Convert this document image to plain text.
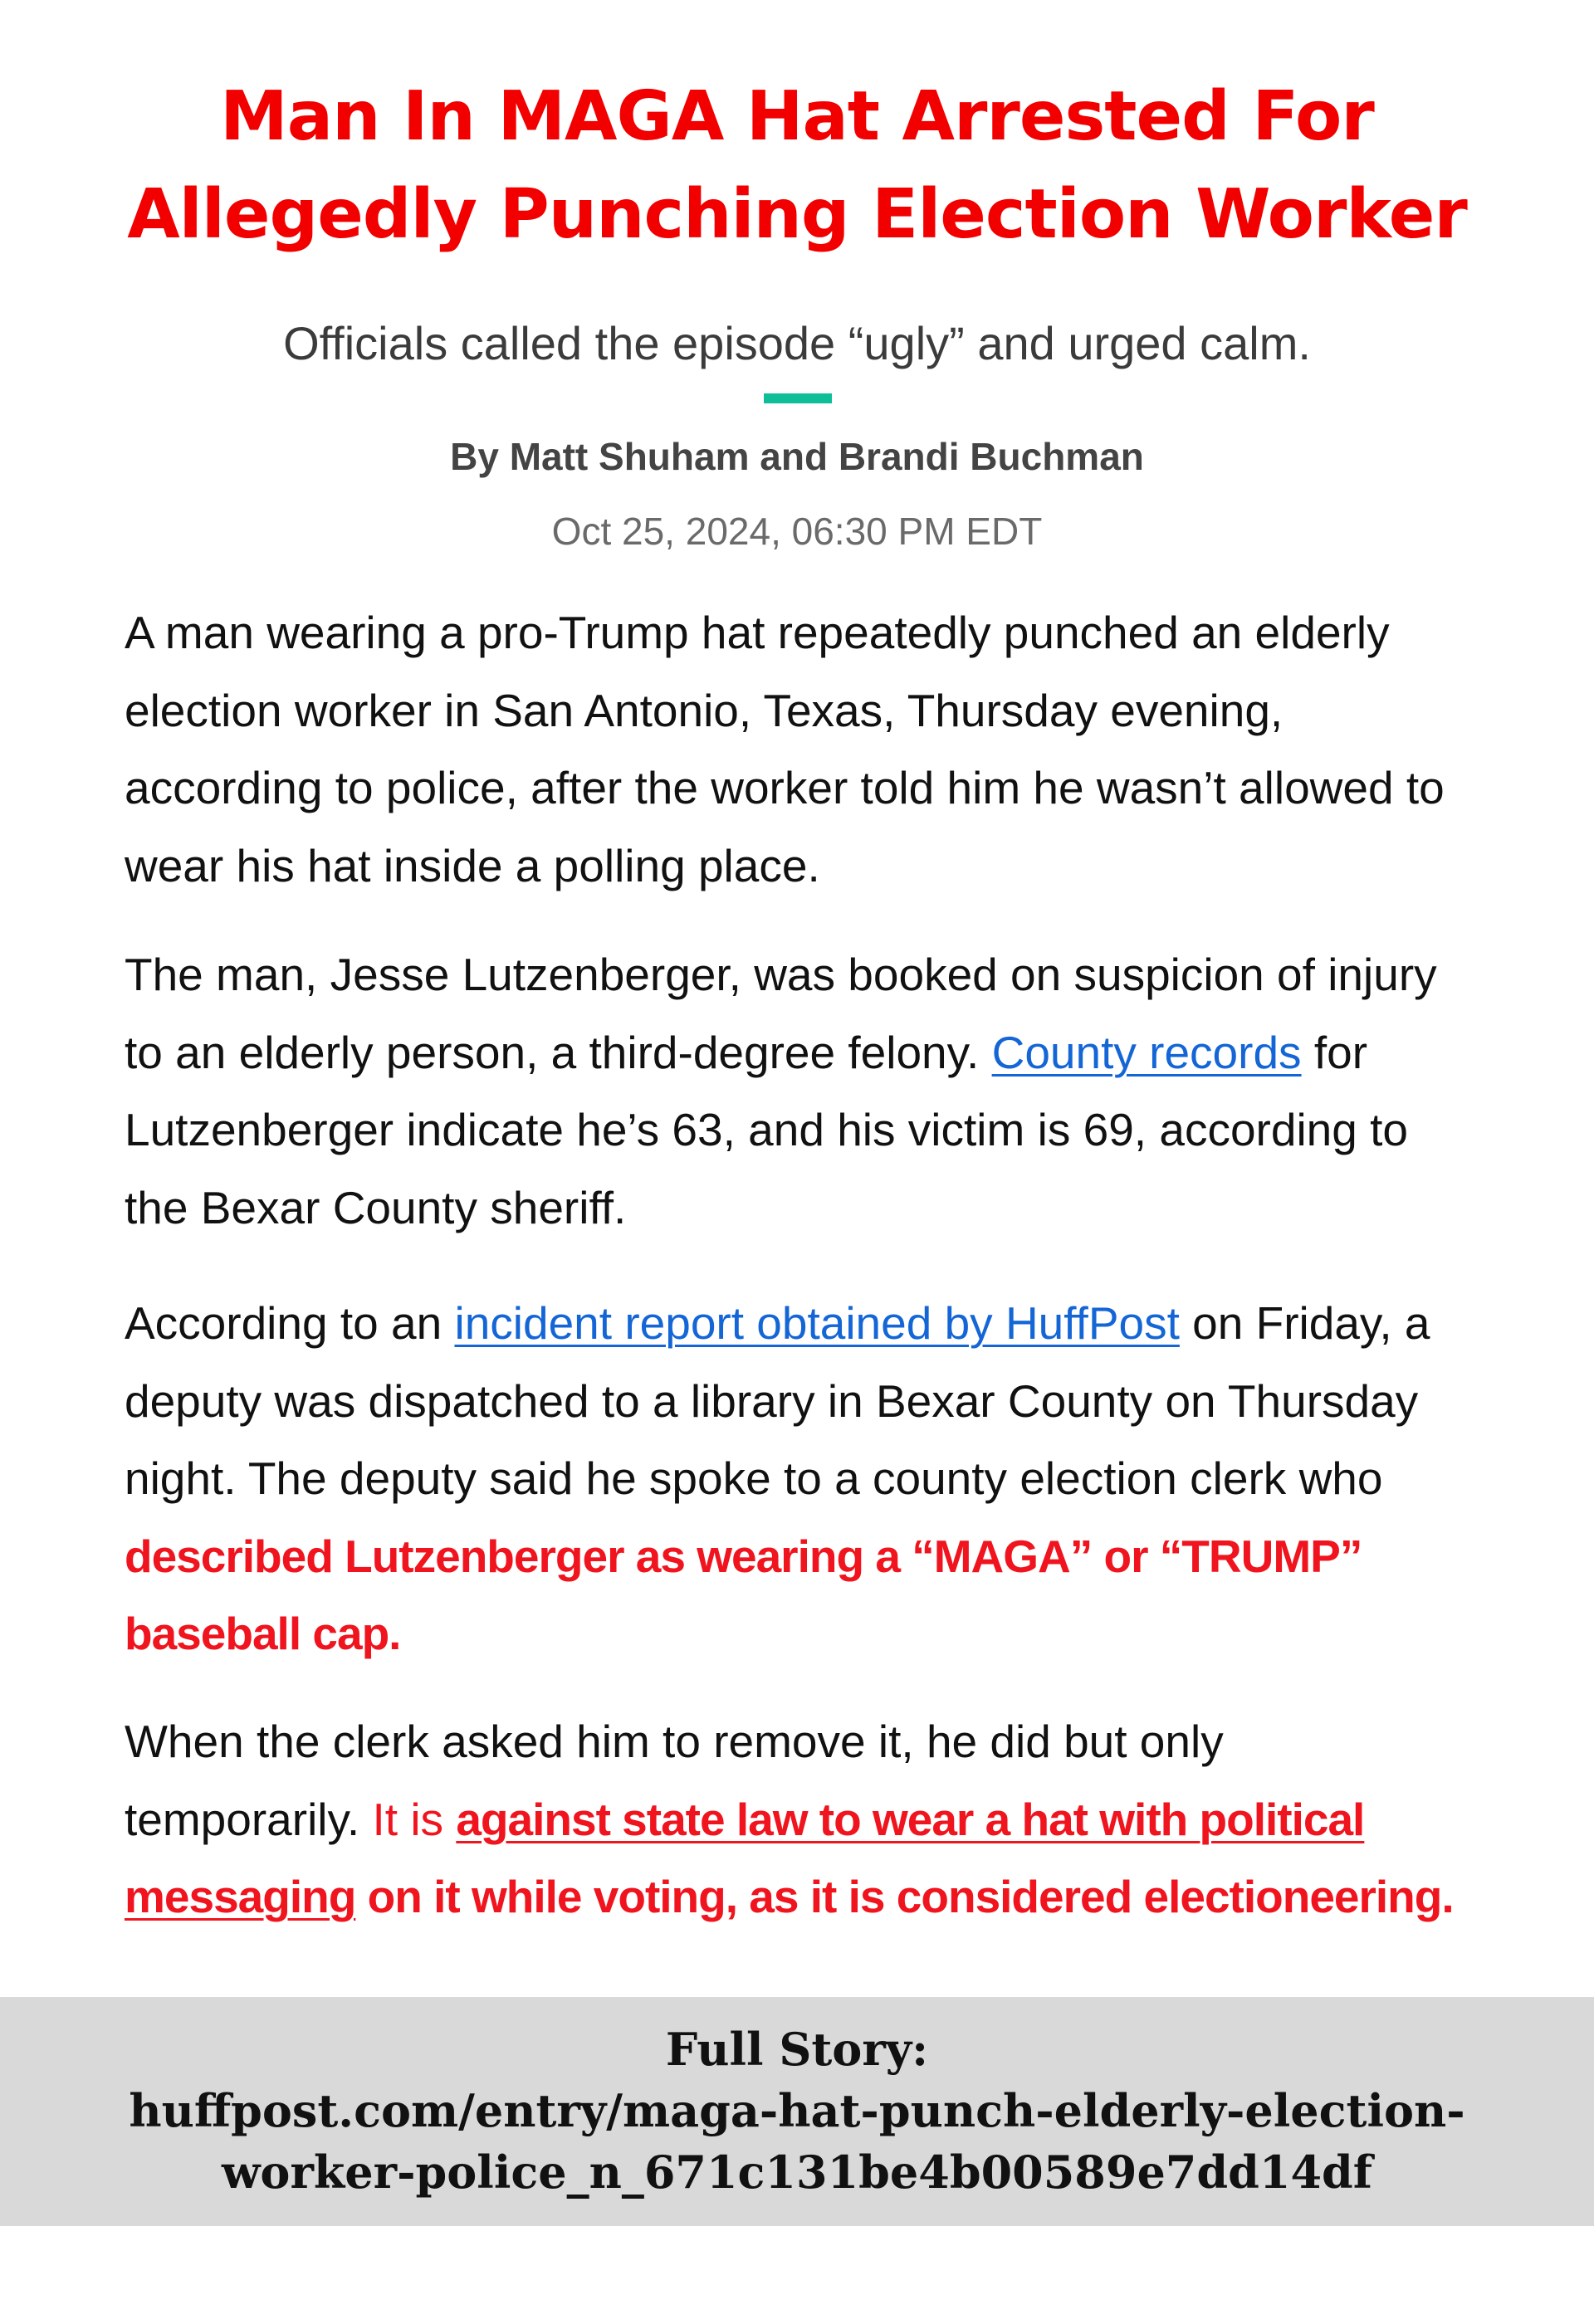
Man In MAGA Hat Arrested For
Allegedly Punching Election Worker
Officials called the episode “ugly” and urged calm.
By Matt Shuham and Brandi Buchman
Oct 25, 2024, 06:30 PM EDT

A man wearing a pro-Trump hat repeatedly punched an elderly election worker in San Antonio, Texas, Thursday evening, according to police, after the worker told him he wasn’t allowed to wear his hat inside a polling place.

The man, Jesse Lutzenberger, was booked on suspicion of injury to an elderly person, a third-degree felony. County records for Lutzenberger indicate he’s 63, and his victim is 69, according to the Bexar County sheriff.

According to an incident report obtained by HuffPost on Friday, a deputy was dispatched to a library in Bexar County on Thursday night. The deputy said he spoke to a county election clerk who described Lutzenberger as wearing a “MAGA” or “TRUMP” baseball cap.

When the clerk asked him to remove it, he did but only temporarily. It is against state law to wear a hat with political messaging on it while voting, as it is considered electioneering.

Full Story:
huffpost.com/entry/maga-hat-punch-elderly-election-
worker-police_n_671c131be4b00589e7dd14df
